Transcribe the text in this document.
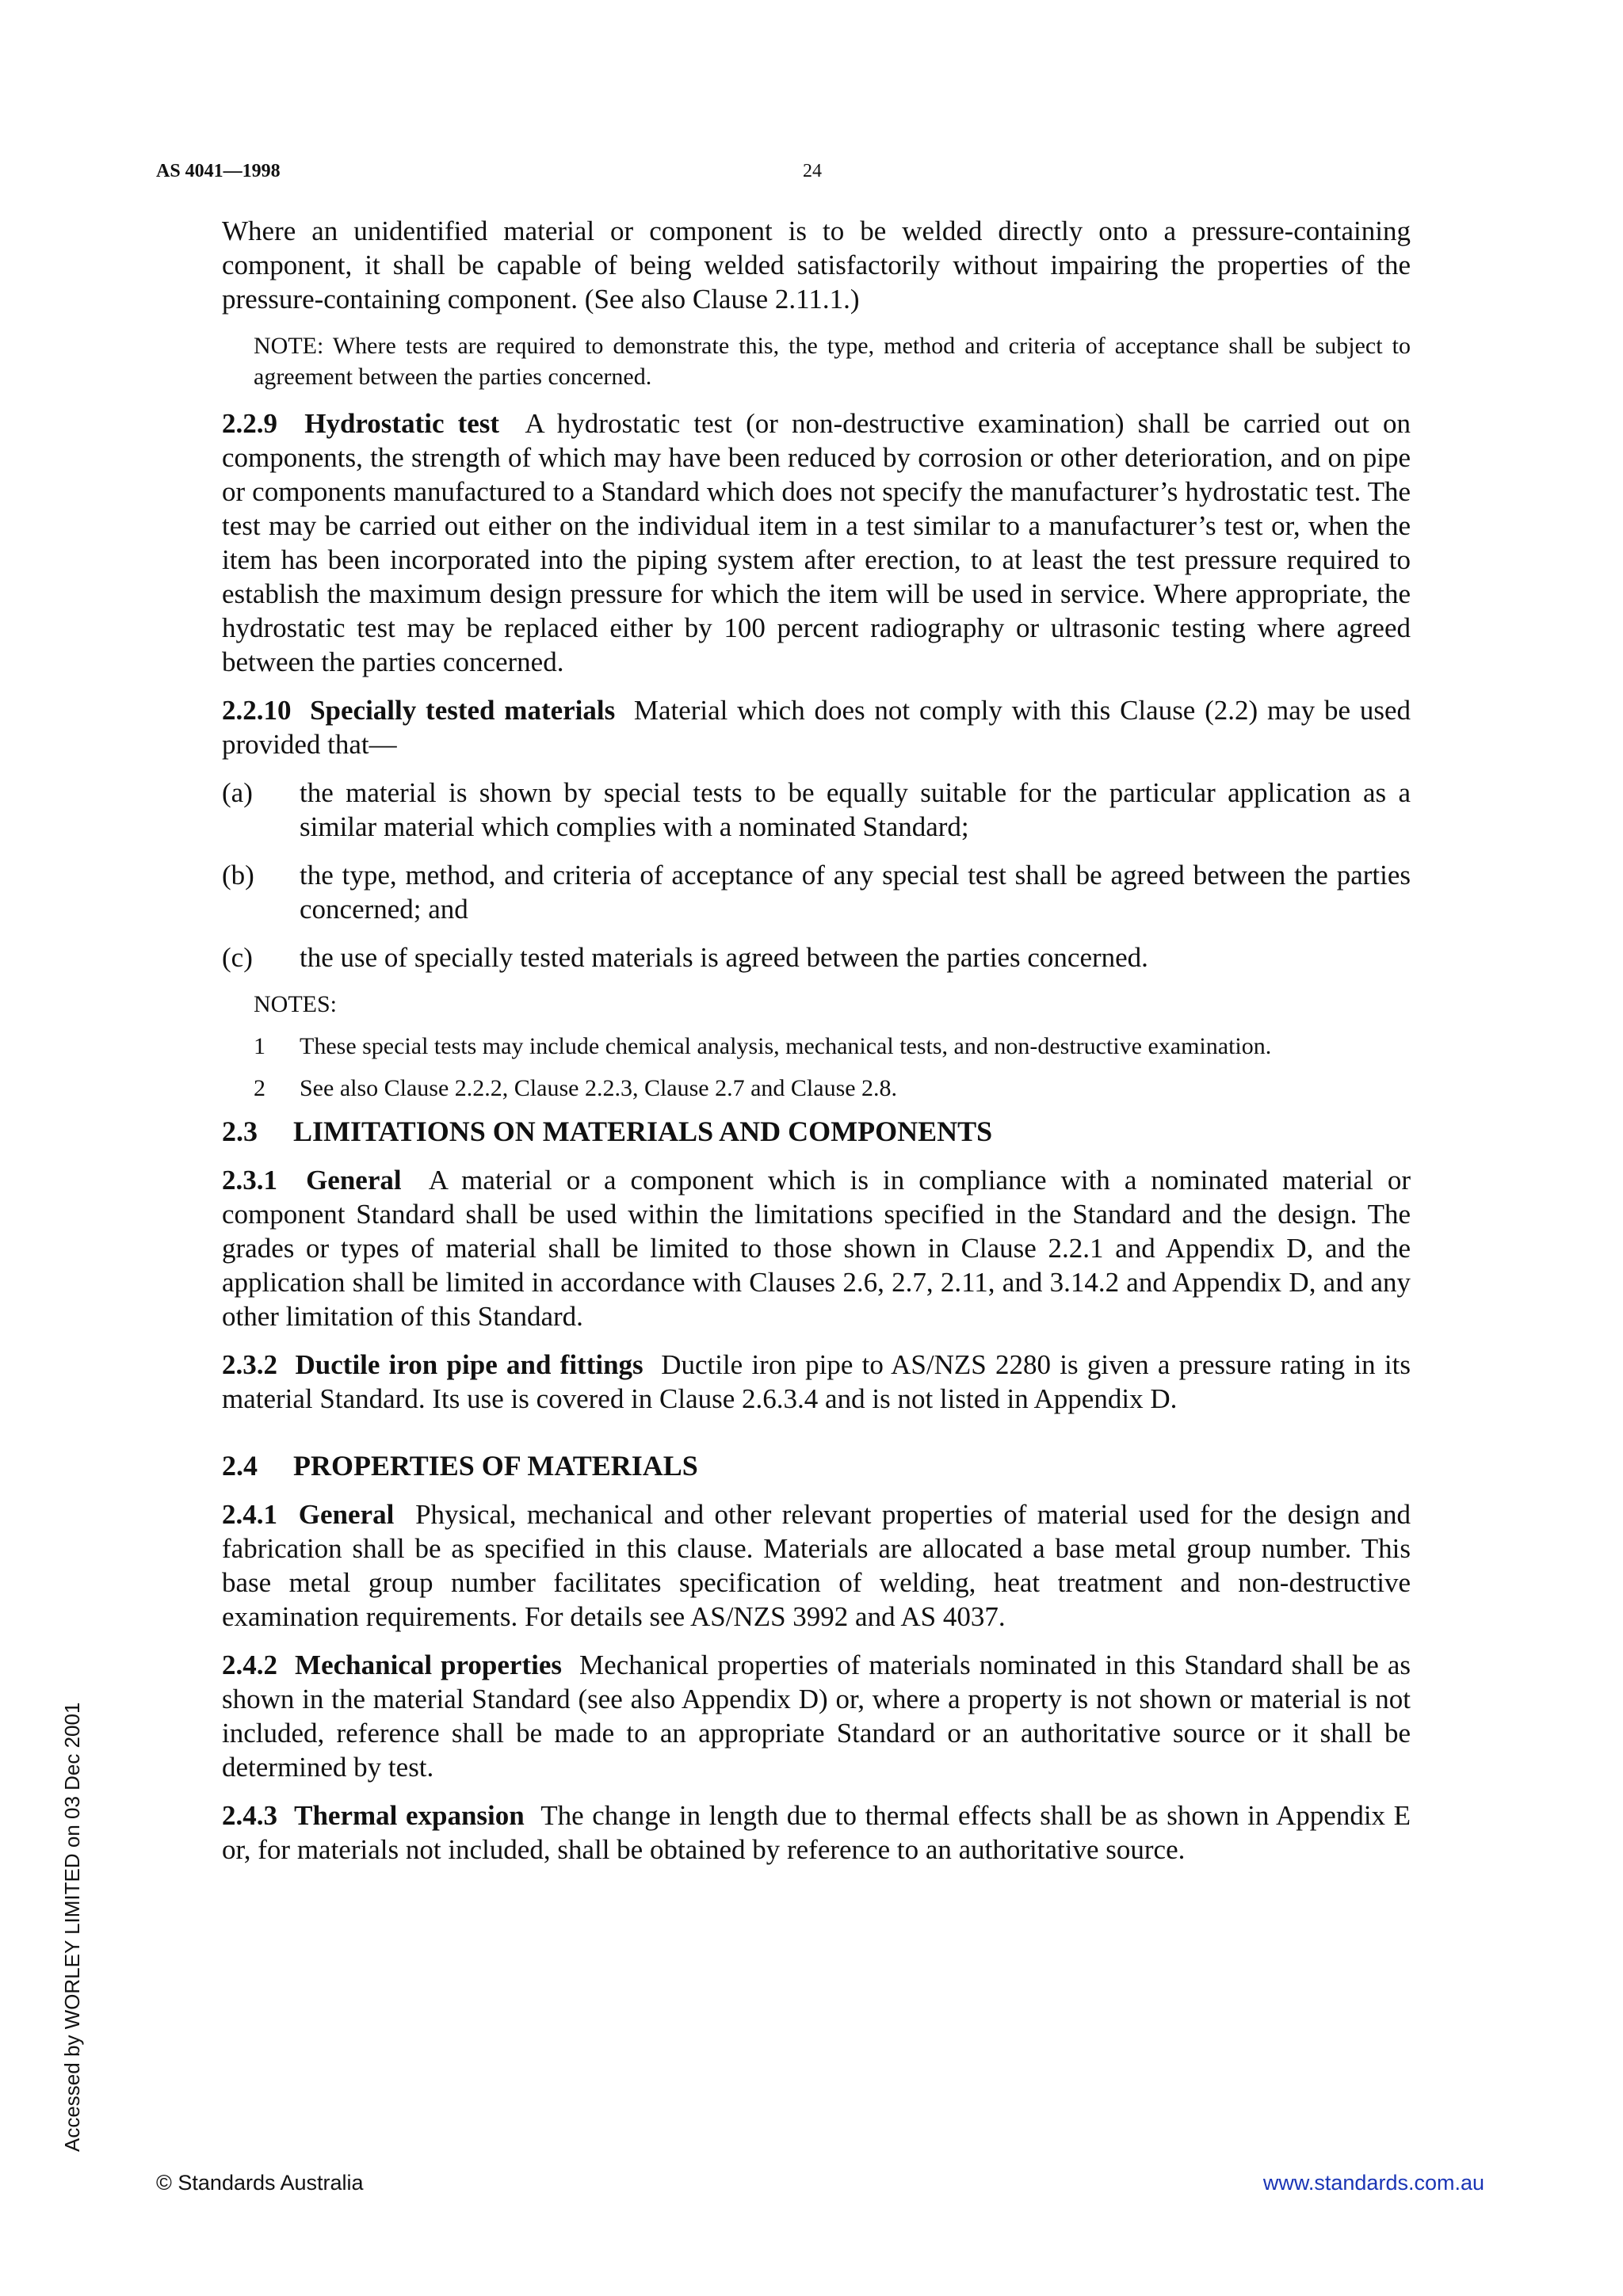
AS 4041—1998	24

Where an unidentified material or component is to be welded directly onto a pressure-containing component, it shall be capable of being welded satisfactorily without impairing the properties of the pressure-containing component. (See also Clause 2.11.1.)

NOTE: Where tests are required to demonstrate this, the type, method and criteria of acceptance shall be subject to agreement between the parties concerned.

2.2.9 Hydrostatic test A hydrostatic test (or non-destructive examination) shall be carried out on components, the strength of which may have been reduced by corrosion or other deterioration, and on pipe or components manufactured to a Standard which does not specify the manufacturer’s hydrostatic test. The test may be carried out either on the individual item in a test similar to a manufacturer’s test or, when the item has been incorporated into the piping system after erection, to at least the test pressure required to establish the maximum design pressure for which the item will be used in service. Where appropriate, the hydrostatic test may be replaced either by 100 percent radiography or ultrasonic testing where agreed between the parties concerned.

2.2.10 Specially tested materials Material which does not comply with this Clause (2.2) may be used provided that—

(a)	the material is shown by special tests to be equally suitable for the particular application as a similar material which complies with a nominated Standard;
(b)	the type, method, and criteria of acceptance of any special test shall be agreed between the parties concerned; and
(c)	the use of specially tested materials is agreed between the parties concerned.
NOTES:
1	These special tests may include chemical analysis, mechanical tests, and non-destructive examination.
2	See also Clause 2.2.2, Clause 2.2.3, Clause 2.7 and Clause 2.8.
2.3 LIMITATIONS ON MATERIALS AND COMPONENTS

2.3.1 General A material or a component which is in compliance with a nominated material or component Standard shall be used within the limitations specified in the Standard and the design. The grades or types of material shall be limited to those shown in Clause 2.2.1 and Appendix D, and the application shall be limited in accordance with Clauses 2.6, 2.7, 2.11, and 3.14.2 and Appendix D, and any other limitation of this Standard.

2.3.2 Ductile iron pipe and fittings Ductile iron pipe to AS/NZS 2280 is given a pressure rating in its material Standard. Its use is covered in Clause 2.6.3.4 and is not listed in Appendix D.

2.4 PROPERTIES OF MATERIALS

2.4.1 General Physical, mechanical and other relevant properties of material used for the design and fabrication shall be as specified in this clause. Materials are allocated a base metal group number. This base metal group number facilitates specification of welding, heat treatment and non-destructive examination requirements. For details see AS/NZS 3992 and AS 4037.

2.4.2 Mechanical properties Mechanical properties of materials nominated in this Standard shall be as shown in the material Standard (see also Appendix D) or, where a property is not shown or material is not included, reference shall be made to an appropriate Standard or an authoritative source or it shall be determined by test.

2.4.3 Thermal expansion The change in length due to thermal effects shall be as shown in Appendix E or, for materials not included, shall be obtained by reference to an authoritative source.

Accessed by WORLEY LIMITED on 03 Dec 2001
© Standards Australia	www.standards.com.au
